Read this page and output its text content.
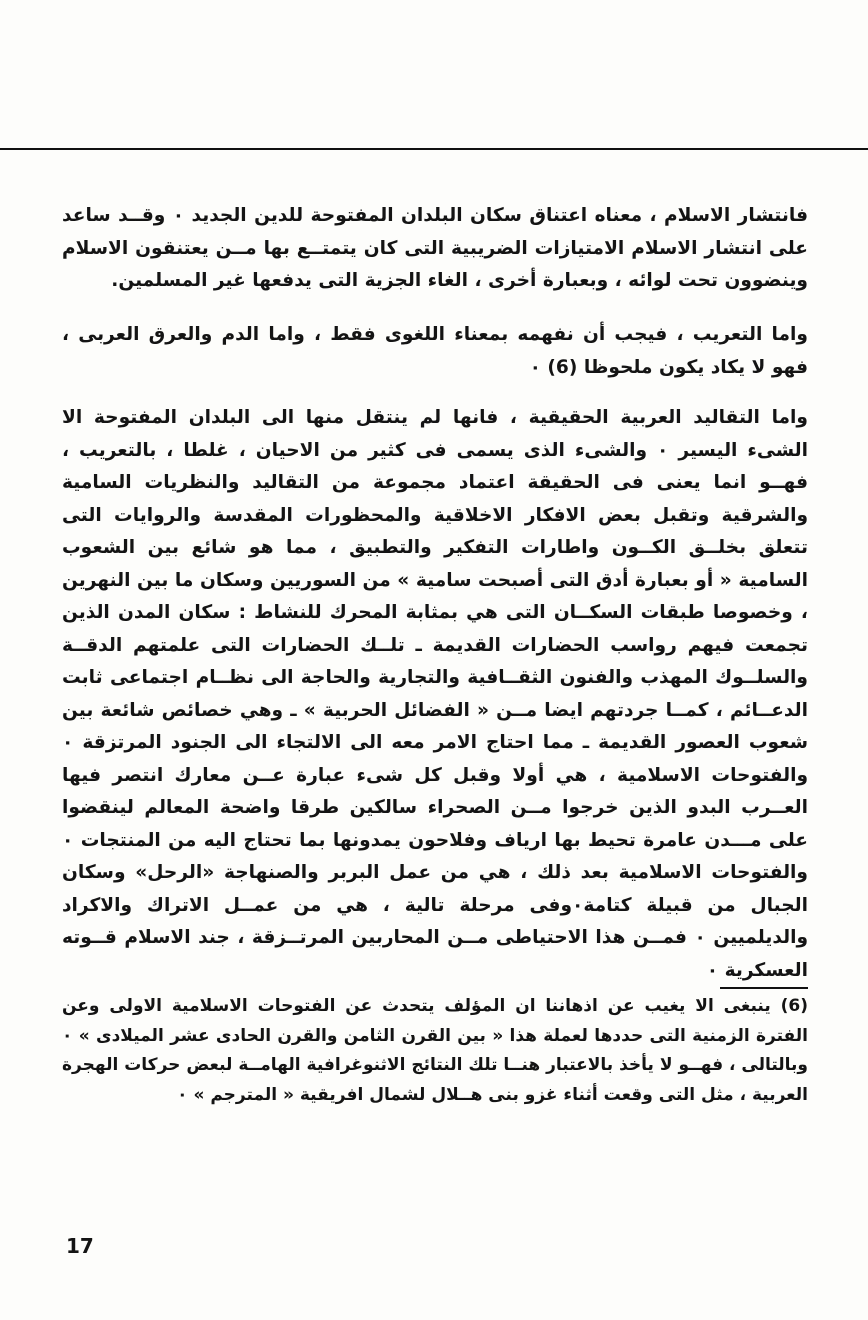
فانتشار الاسلام ، معناه اعتناق سكان البلدان المفتوحة للدين الجديد ٠ وقــد ساعد على انتشار الاسلام الامتيازات الضريبية التى كان يتمتــع بها مــن يعتنقون الاسلام وينضوون تحت لوائه ، وبعبارة أخرى ، الغاء الجزية التى يدفعها غير المسلمين.

واما التعريب ، فيجب أن نفهمه بمعناء اللغوى فقط ، واما الدم والعرق العربى ، فهو لا يكاد يكون ملحوظا (6) ٠

واما التقاليد العربية الحقيقية ، فانها لم ينتقل منها الى البلدان المفتوحة الا الشىء اليسير ٠ والشىء الذى يسمى فى كثير من الاحيان ، غلطا ، بالتعريب ، فهــو انما يعنى فى الحقيقة اعتماد مجموعة من التقاليد والنظريات السامية والشرقية وتقبل بعض الافكار الاخلاقية والمحظورات المقدسة والروايات التى تتعلق بخلــق الكــون واطارات التفكير والتطبيق ، مما هو شائع بين الشعوب السامية « أو بعبارة أدق التى أصبحت سامية » من السوريين وسكان ما بين النهرين ، وخصوصا طبقات السكــان التى هي بمثابة المحرك للنشاط : سكان المدن الذين تجمعت فيهم رواسب الحضارات القديمة ـ تلــك الحضارات التى علمتهم الدقــة والسلــوك المهذب والفنون الثقــافية والتجارية والحاجة الى نظــام اجتماعى ثابت الدعــائم ، كمــا جردتهم ايضا مــن « الفضائل الحربية » ـ وهي خصائص شائعة بين شعوب العصور القديمة ـ مما احتاج الامر معه الى الالتجاء الى الجنود المرتزقة ٠ والفتوحات الاسلامية ، هي أولا وقبل كل شىء عبارة عــن معارك انتصر فيها العــرب البدو الذين خرجوا مــن الصحراء سالكين طرقا واضحة المعالم لينقضوا على مـــدن عامرة تحيط بها ارياف وفلاحون يمدونها بما تحتاج اليه من المنتجات ٠ والفتوحات الاسلامية بعد ذلك ، هي من عمل البربر والصنهاجة «الرحل» وسكان الجبال من قبيلة كتامة٠وفى مرحلة تالية ، هي من عمــل الاتراك والاكراد والديلميين ٠ فمــن هذا الاحتياطى مــن المحاربين المرتــزقة ، جند الاسلام قــوته العسكرية ٠

(6) ينبغى الا يغيب عن اذهاننا ان المؤلف يتحدث عن الفتوحات الاسلامية الاولى وعن الفترة الزمنية التى حددها لعملة هذا « بين القرن الثامن والقرن الحادى عشر الميلادى » ٠ وبالتالى ، فهــو لا يأخذ بالاعتبار هنــا تلك النتائج الاثنوغرافية الهامــة لبعض حركات الهجرة العربية ، مثل التى وقعت أثناء غزو بنى هــلال لشمال افريقية « المترجم » ٠

17
